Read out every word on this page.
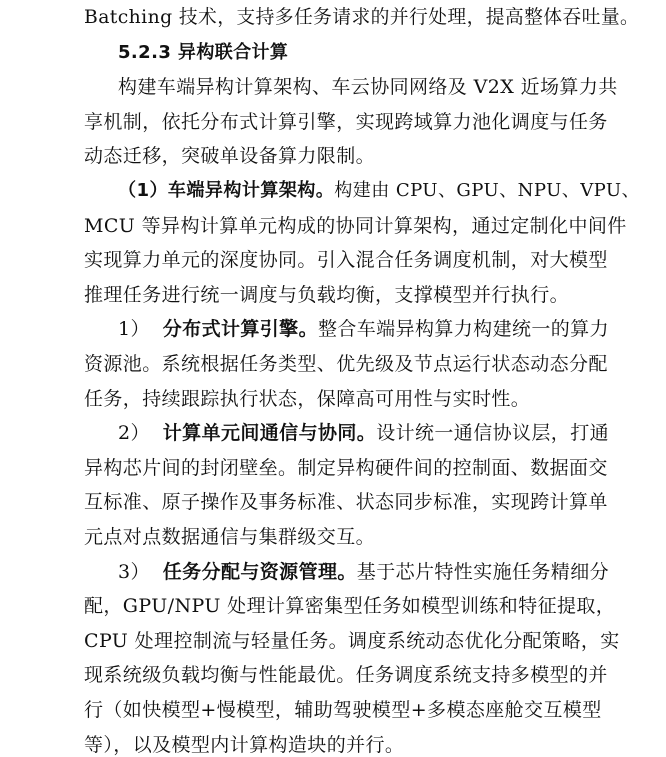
Batching 技术，支持多任务请求的并行处理，提高整体吞吐量。
5.2.3 异构联合计算
构建车端异构计算架构、车云协同网络及 V2X 近场算力共
享机制，依托分布式计算引擎，实现跨域算力池化调度与任务
动态迁移，突破单设备算力限制。
（1）车端异构计算架构。构建由 CPU、GPU、NPU、VPU、
MCU 等异构计算单元构成的协同计算架构，通过定制化中间件
实现算力单元的深度协同。引入混合任务调度机制，对大模型
推理任务进行统一调度与负载均衡，支撑模型并行执行。
1） 分布式计算引擎。整合车端异构算力构建统一的算力
资源池。系统根据任务类型、优先级及节点运行状态动态分配
任务，持续跟踪执行状态，保障高可用性与实时性。
2） 计算单元间通信与协同。设计统一通信协议层，打通
异构芯片间的封闭壁垒。制定异构硬件间的控制面、数据面交
互标准、原子操作及事务标准、状态同步标准，实现跨计算单
元点对点数据通信与集群级交互。
3） 任务分配与资源管理。基于芯片特性实施任务精细分
配，GPU/NPU 处理计算密集型任务如模型训练和特征提取，
CPU 处理控制流与轻量任务。调度系统动态优化分配策略，实
现系统级负载均衡与性能最优。任务调度系统支持多模型的并
行（如快模型+慢模型，辅助驾驶模型+多模态座舱交互模型
等），以及模型内计算构造块的并行。
